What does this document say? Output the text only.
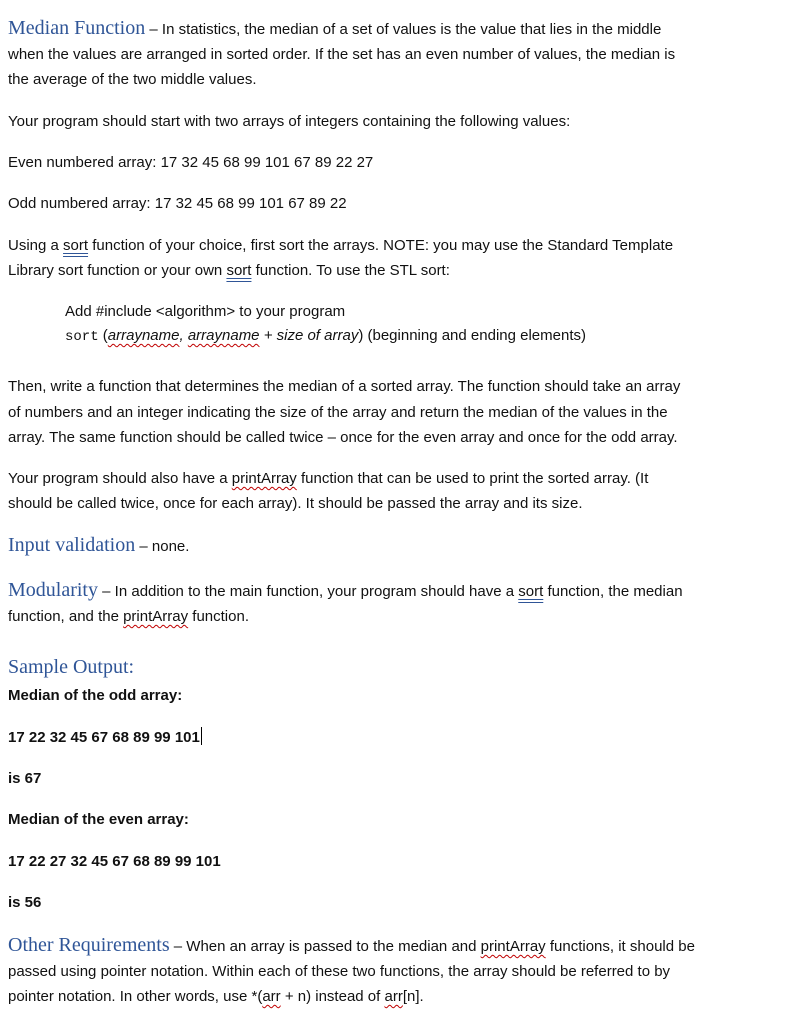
Median Function – In statistics, the median of a set of values is the value that lies in the middle

when the values are arranged in sorted order. If the set has an even number of values, the median is

the average of the two middle values.

Your program should start with two arrays of integers containing the following values:

Even numbered array: 17 32 45 68 99 101 67 89 22 27

Odd numbered array: 17 32 45 68 99 101 67 89 22

Using a sort function of your choice, first sort the arrays. NOTE: you may use the Standard Template

Library sort function or your own sort function. To use the STL sort:

Add #include <algorithm> to your program

sort (arrayname, arrayname + size of array) (beginning and ending elements)

Then, write a function that determines the median of a sorted array. The function should take an array

of numbers and an integer indicating the size of the array and return the median of the values in the

array. The same function should be called twice – once for the even array and once for the odd array.

Your program should also have a printArray function that can be used to print the sorted array. (It

should be called twice, once for each array). It should be passed the array and its size.

Input validation – none.

Modularity – In addition to the main function, your program should have a sort function, the median

function, and the printArray function.

Sample Output:

Median of the odd array:

17 22 32 45 67 68 89 99 101

is 67

Median of the even array:

17 22 27 32 45 67 68 89 99 101

is 56

Other Requirements – When an array is passed to the median and printArray functions, it should be

passed using pointer notation. Within each of these two functions, the array should be referred to by

pointer notation. In other words, use *(arr + n) instead of arr[n].
